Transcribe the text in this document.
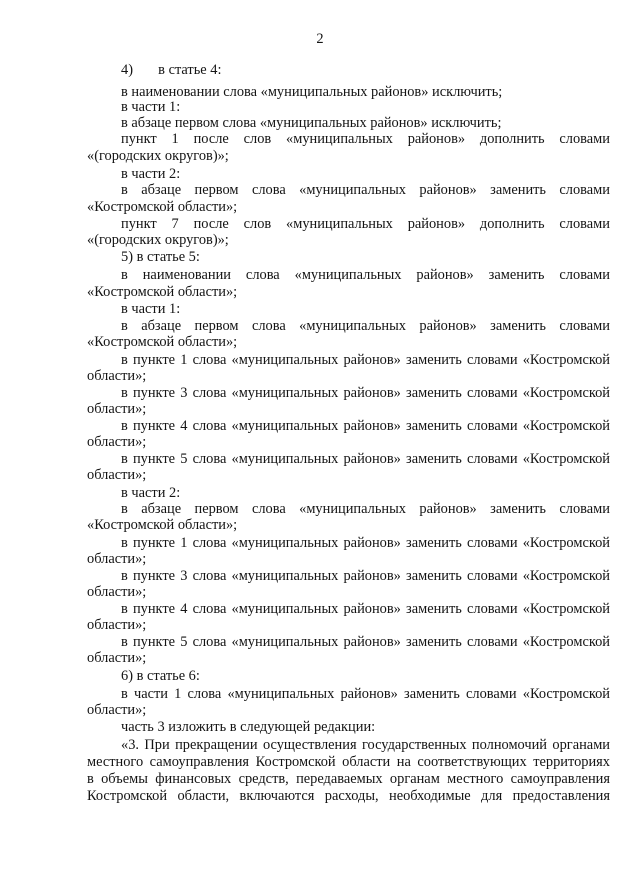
2
4)       в статье 4:
в наименовании слова «муниципальных районов» исключить;
в части 1:
в абзаце первом слова «муниципальных районов» исключить;
пункт 1 после слов «муниципальных районов» дополнить словами
«(городских округов)»;
в части 2:
в абзаце первом слова «муниципальных районов» заменить словами
«Костромской области»;
пункт 7 после слов «муниципальных районов» дополнить словами
«(городских округов)»;
5) в статье 5:
в наименовании слова «муниципальных районов» заменить словами
«Костромской области»;
в части 1:
в абзаце первом слова «муниципальных районов» заменить словами
«Костромской области»;
в пункте 1 слова «муниципальных районов» заменить словами «Костромской
области»;
в пункте 3 слова «муниципальных районов» заменить словами «Костромской
области»;
в пункте 4 слова «муниципальных районов» заменить словами «Костромской
области»;
в пункте 5 слова «муниципальных районов» заменить словами «Костромской
области»;
в части 2:
в абзаце первом слова «муниципальных районов» заменить словами
«Костромской области»;
в пункте 1 слова «муниципальных районов» заменить словами «Костромской
области»;
в пункте 3 слова «муниципальных районов» заменить словами «Костромской
области»;
в пункте 4 слова «муниципальных районов» заменить словами «Костромской
области»;
в пункте 5 слова «муниципальных районов» заменить словами «Костромской
области»;
6) в статье 6:
в части 1 слова «муниципальных районов» заменить словами «Костромской
области»;
часть 3 изложить в следующей редакции:
«3. При прекращении осуществления государственных полномочий органами
местного самоуправления Костромской области на соответствующих территориях
в объемы финансовых средств, передаваемых органам местного самоуправления
Костромской области, включаются расходы, необходимые для предоставления
